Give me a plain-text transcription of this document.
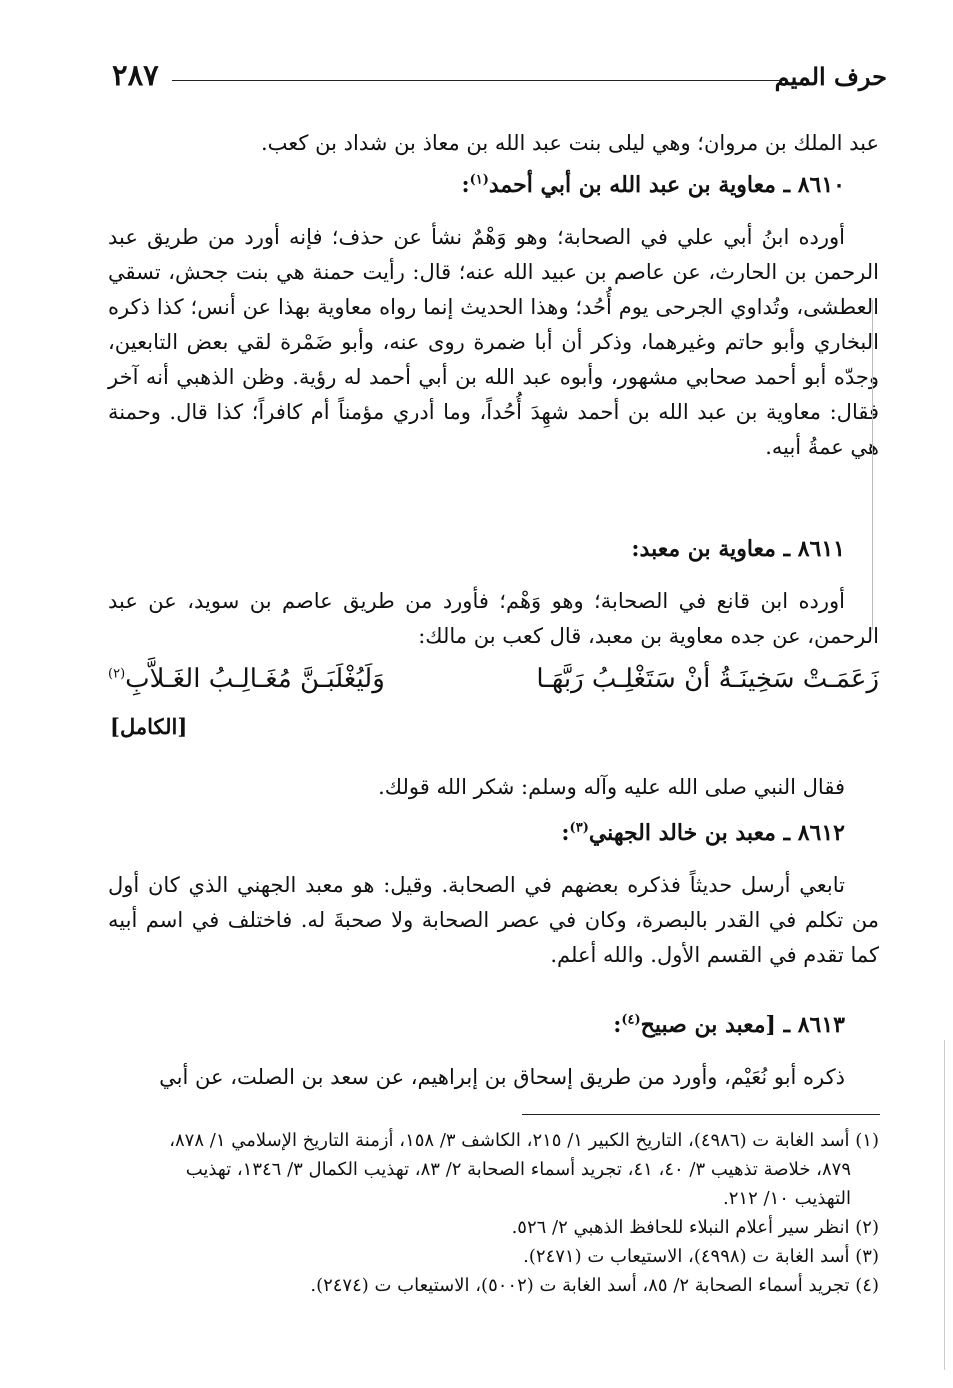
حرف الميم
٢٨٧
عبد الملك بن مروان؛ وهي ليلى بنت عبد الله بن معاذ بن شداد بن كعب.
٨٦١٠ ـ معاوية بن عبد الله بن أبي أحمد$^{(١)}$:
أورده ابنُ أبي علي في الصحابة؛ وهو وَهْمٌ نشأ عن حذف؛ فإنه أورد من طريق عبد الرحمن بن الحارث، عن عاصم بن عبيد الله عنه؛ قال: رأيت حمنة هي بنت جحش، تسقي العطشى، وتُداوي الجرحى يوم أُحُد؛ وهذا الحديث إنما رواه معاوية بهذا عن أنس؛ كذا ذكره البخاري وأبو حاتم وغيرهما، وذكر أن أبا ضمرة روى عنه، وأبو ضَمْرة لقي بعض التابعين، وجدّه أبو أحمد صحابي مشهور، وأبوه عبد الله بن أبي أحمد له رؤية. وظن الذهبي أنه آخر فقال: معاوية بن عبد الله بن أحمد شهِدَ أُحُداً، وما أدري مؤمناً أم كافراً؛ كذا قال. وحمنة هي عمةُ أبيه.
٨٦١١ ـ معاوية بن معبد:
أورده ابن قانع في الصحابة؛ وهو وَهْم؛ فأورد من طريق عاصم بن سويد، عن عبد الرحمن، عن جده معاوية بن معبد، قال كعب بن مالك:
زَعَمَـتْ سَخِينَـةُ أنْ سَتَغْلِـبُ رَبَّهَـا
وَلَيُغْلَبَـنَّ مُغَـالِـبُ الغَـلاَّبِ$^{(٢)}$
[الكامل]
فقال النبي صلى الله عليه وآله وسلم: شكر الله قولك.
٨٦١٢ ـ معبد بن خالد الجهني$^{(٣)}$:
تابعي أرسل حديثاً فذكره بعضهم في الصحابة. وقيل: هو معبد الجهني الذي كان أول من تكلم في القدر بالبصرة، وكان في عصر الصحابة ولا صحبةَ له. فاختلف في اسم أبيه كما تقدم في القسم الأول. والله أعلم.
٨٦١٣ ـ [معبد بن صبيح$^{(٤)}$:
ذكره أبو نُعَيْم، وأورد من طريق إسحاق بن إبراهيم، عن سعد بن الصلت، عن أبي
(١) أسد الغابة ت (٤٩٨٦)، التاريخ الكبير ١/ ٢١٥، الكاشف ٣/ ١٥٨، أزمنة التاريخ الإسلامي ١/ ٨٧٨،
٨٧٩، خلاصة تذهيب ٣/ ٤٠، ٤١، تجريد أسماء الصحابة ٢/ ٨٣، تهذيب الكمال ٣/ ١٣٤٦، تهذيب
التهذيب ١٠/ ٢١٢.
(٢) انظر سير أعلام النبلاء للحافظ الذهبي ٢/ ٥٢٦.
(٣) أسد الغابة ت (٤٩٩٨)، الاستيعاب ت (٢٤٧١).
(٤) تجريد أسماء الصحابة ٢/ ٨٥، أسد الغابة ت (٥٠٠٢)، الاستيعاب ت (٢٤٧٤).
